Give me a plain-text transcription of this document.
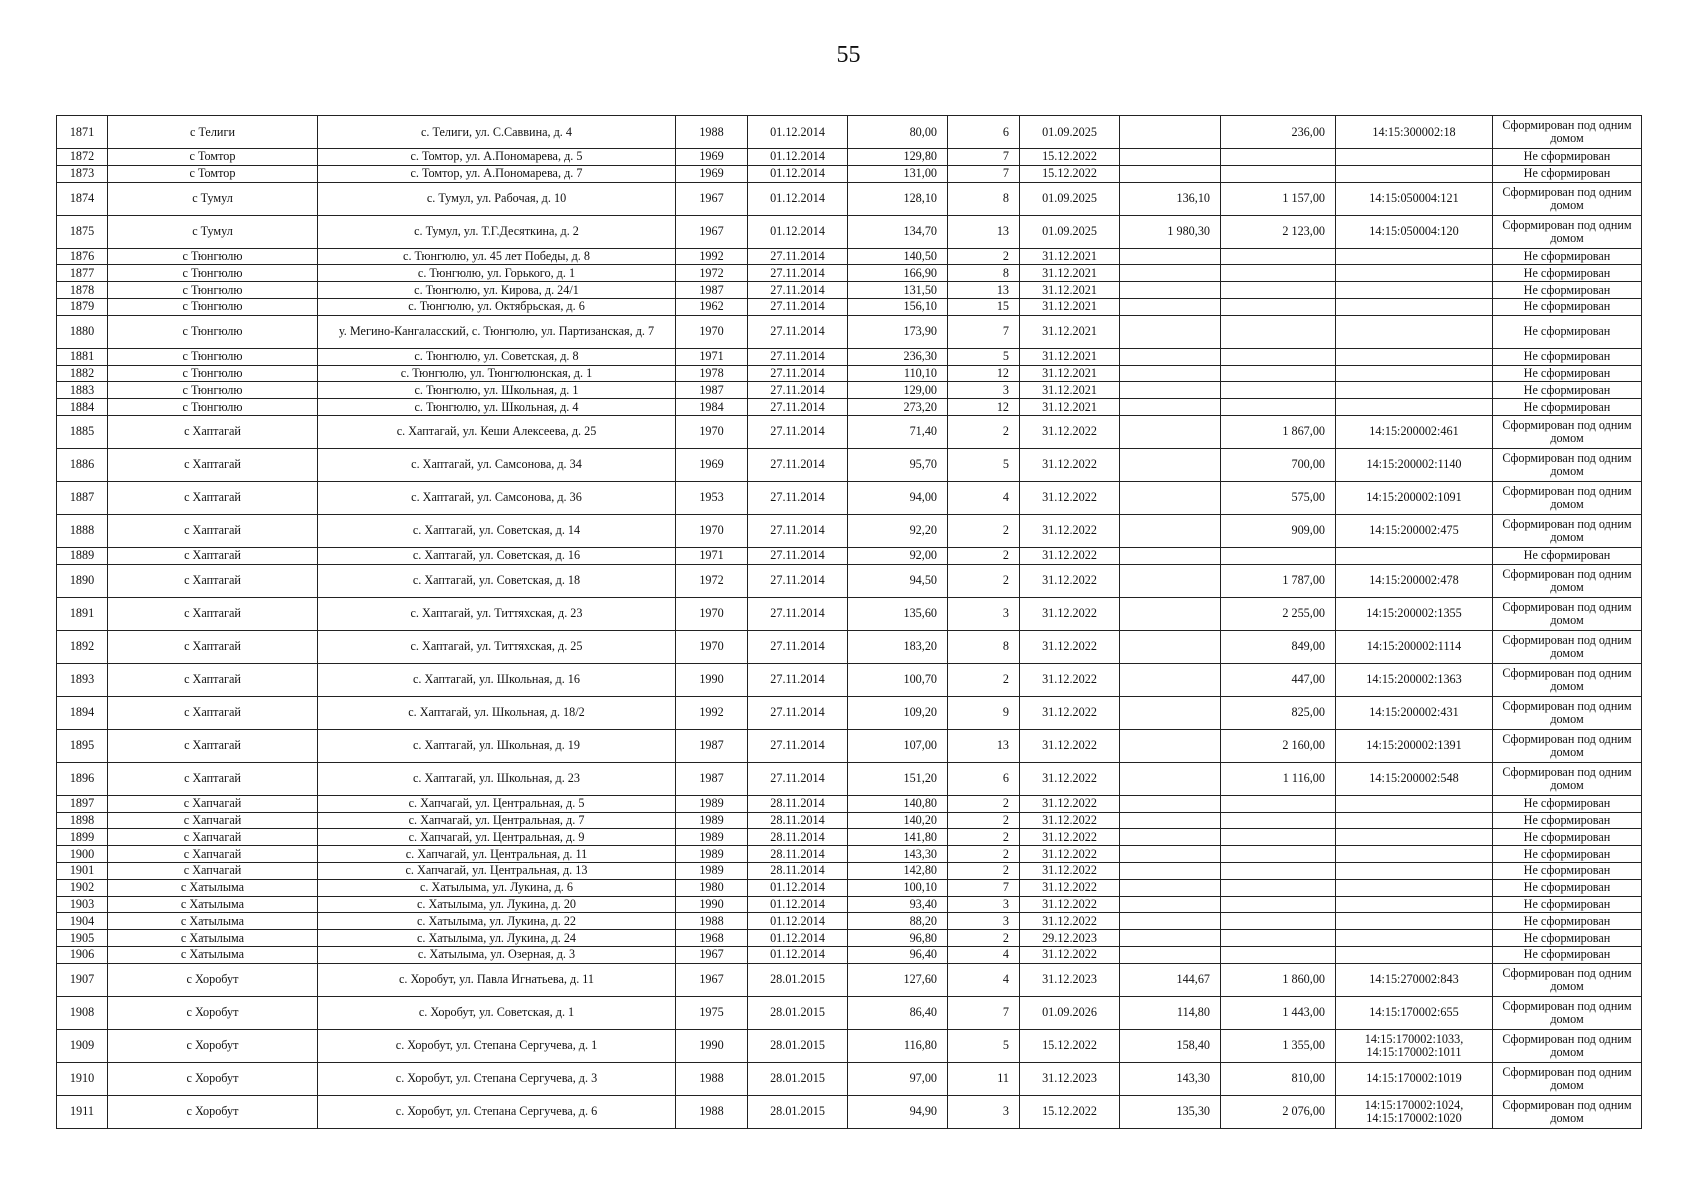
55
1871	с Телиги	с. Телиги, ул. С.Саввина, д. 4	1988	01.12.2014	80,00	6	01.09.2025		236,00	14:15:300002:18	Сформирован под одним домом
1872	с Томтор	с. Томтор, ул. А.Пономарева, д. 5	1969	01.12.2014	129,80	7	15.12.2022				Не сформирован
1873	с Томтор	с. Томтор, ул. А.Пономарева, д. 7	1969	01.12.2014	131,00	7	15.12.2022				Не сформирован
1874	с Тумул	с. Тумул, ул. Рабочая, д. 10	1967	01.12.2014	128,10	8	01.09.2025	136,10	1 157,00	14:15:050004:121	Сформирован под одним домом
1875	с Тумул	с. Тумул, ул. Т.Г.Десяткина, д. 2	1967	01.12.2014	134,70	13	01.09.2025	1 980,30	2 123,00	14:15:050004:120	Сформирован под одним домом
1876	с Тюнгюлю	с. Тюнгюлю, ул. 45 лет Победы, д. 8	1992	27.11.2014	140,50	2	31.12.2021				Не сформирован
1877	с Тюнгюлю	с. Тюнгюлю, ул. Горького, д. 1	1972	27.11.2014	166,90	8	31.12.2021				Не сформирован
1878	с Тюнгюлю	с. Тюнгюлю, ул. Кирова, д. 24/1	1987	27.11.2014	131,50	13	31.12.2021				Не сформирован
1879	с Тюнгюлю	с. Тюнгюлю, ул. Октябрьская, д. 6	1962	27.11.2014	156,10	15	31.12.2021				Не сформирован
1880	с Тюнгюлю	у. Мегино-Кангаласский, с. Тюнгюлю, ул. Партизанская, д. 7	1970	27.11.2014	173,90	7	31.12.2021				Не сформирован
1881	с Тюнгюлю	с. Тюнгюлю, ул. Советская, д. 8	1971	27.11.2014	236,30	5	31.12.2021				Не сформирован
1882	с Тюнгюлю	с. Тюнгюлю, ул. Тюнгюлюнская, д. 1	1978	27.11.2014	110,10	12	31.12.2021				Не сформирован
1883	с Тюнгюлю	с. Тюнгюлю, ул. Школьная, д. 1	1987	27.11.2014	129,00	3	31.12.2021				Не сформирован
1884	с Тюнгюлю	с. Тюнгюлю, ул. Школьная, д. 4	1984	27.11.2014	273,20	12	31.12.2021				Не сформирован
1885	с Хаптагай	с. Хаптагай, ул. Кеши Алексеева, д. 25	1970	27.11.2014	71,40	2	31.12.2022		1 867,00	14:15:200002:461	Сформирован под одним домом
1886	с Хаптагай	с. Хаптагай, ул. Самсонова, д. 34	1969	27.11.2014	95,70	5	31.12.2022		700,00	14:15:200002:1140	Сформирован под одним домом
1887	с Хаптагай	с. Хаптагай, ул. Самсонова, д. 36	1953	27.11.2014	94,00	4	31.12.2022		575,00	14:15:200002:1091	Сформирован под одним домом
1888	с Хаптагай	с. Хаптагай, ул. Советская, д. 14	1970	27.11.2014	92,20	2	31.12.2022		909,00	14:15:200002:475	Сформирован под одним домом
1889	с Хаптагай	с. Хаптагай, ул. Советская, д. 16	1971	27.11.2014	92,00	2	31.12.2022				Не сформирован
1890	с Хаптагай	с. Хаптагай, ул. Советская, д. 18	1972	27.11.2014	94,50	2	31.12.2022		1 787,00	14:15:200002:478	Сформирован под одним домом
1891	с Хаптагай	с. Хаптагай, ул. Титтяхская, д. 23	1970	27.11.2014	135,60	3	31.12.2022		2 255,00	14:15:200002:1355	Сформирован под одним домом
1892	с Хаптагай	с. Хаптагай, ул. Титтяхская, д. 25	1970	27.11.2014	183,20	8	31.12.2022		849,00	14:15:200002:1114	Сформирован под одним домом
1893	с Хаптагай	с. Хаптагай, ул. Школьная, д. 16	1990	27.11.2014	100,70	2	31.12.2022		447,00	14:15:200002:1363	Сформирован под одним домом
1894	с Хаптагай	с. Хаптагай, ул. Школьная, д. 18/2	1992	27.11.2014	109,20	9	31.12.2022		825,00	14:15:200002:431	Сформирован под одним домом
1895	с Хаптагай	с. Хаптагай, ул. Школьная, д. 19	1987	27.11.2014	107,00	13	31.12.2022		2 160,00	14:15:200002:1391	Сформирован под одним домом
1896	с Хаптагай	с. Хаптагай, ул. Школьная, д. 23	1987	27.11.2014	151,20	6	31.12.2022		1 116,00	14:15:200002:548	Сформирован под одним домом
1897	с Хапчагай	с. Хапчагай, ул. Центральная, д. 5	1989	28.11.2014	140,80	2	31.12.2022				Не сформирован
1898	с Хапчагай	с. Хапчагай, ул. Центральная, д. 7	1989	28.11.2014	140,20	2	31.12.2022				Не сформирован
1899	с Хапчагай	с. Хапчагай, ул. Центральная, д. 9	1989	28.11.2014	141,80	2	31.12.2022				Не сформирован
1900	с Хапчагай	с. Хапчагай, ул. Центральная, д. 11	1989	28.11.2014	143,30	2	31.12.2022				Не сформирован
1901	с Хапчагай	с. Хапчагай, ул. Центральная, д. 13	1989	28.11.2014	142,80	2	31.12.2022				Не сформирован
1902	с Хатылыма	с. Хатылыма, ул. Лукина, д. 6	1980	01.12.2014	100,10	7	31.12.2022				Не сформирован
1903	с Хатылыма	с. Хатылыма, ул. Лукина, д. 20	1990	01.12.2014	93,40	3	31.12.2022				Не сформирован
1904	с Хатылыма	с. Хатылыма, ул. Лукина, д. 22	1988	01.12.2014	88,20	3	31.12.2022				Не сформирован
1905	с Хатылыма	с. Хатылыма, ул. Лукина, д. 24	1968	01.12.2014	96,80	2	29.12.2023				Не сформирован
1906	с Хатылыма	с. Хатылыма, ул. Озерная, д. 3	1967	01.12.2014	96,40	4	31.12.2022				Не сформирован
1907	с Хоробут	с. Хоробут, ул. Павла Игнатьева, д. 11	1967	28.01.2015	127,60	4	31.12.2023	144,67	1 860,00	14:15:270002:843	Сформирован под одним домом
1908	с Хоробут	с. Хоробут, ул. Советская, д. 1	1975	28.01.2015	86,40	7	01.09.2026	114,80	1 443,00	14:15:170002:655	Сформирован под одним домом
1909	с Хоробут	с. Хоробут, ул. Степана Сергучева, д. 1	1990	28.01.2015	116,80	5	15.12.2022	158,40	1 355,00	14:15:170002:1033, 14:15:170002:1011	Сформирован под одним домом
1910	с Хоробут	с. Хоробут, ул. Степана Сергучева, д. 3	1988	28.01.2015	97,00	11	31.12.2023	143,30	810,00	14:15:170002:1019	Сформирован под одним домом
1911	с Хоробут	с. Хоробут, ул. Степана Сергучева, д. 6	1988	28.01.2015	94,90	3	15.12.2022	135,30	2 076,00	14:15:170002:1024, 14:15:170002:1020	Сформирован под одним домом
